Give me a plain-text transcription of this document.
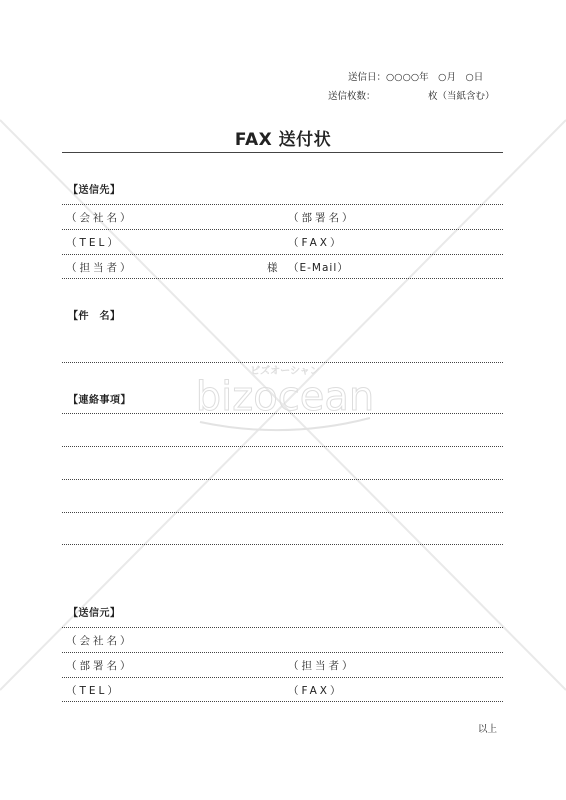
ビズオーシャン
bizocean
送信日：○○○○年　○月　○日
送信枚数：	枚（当紙含む）
FAX 送付状
【送信先】
（会社名）	（部署名）
（TEL）	（FAX）
（担当者）	様 （E-Mail）
【件　名】
【連絡事項】
【送信元】
（会社名）
（部署名）	（担当者）
（TEL）	（FAX）
以上
